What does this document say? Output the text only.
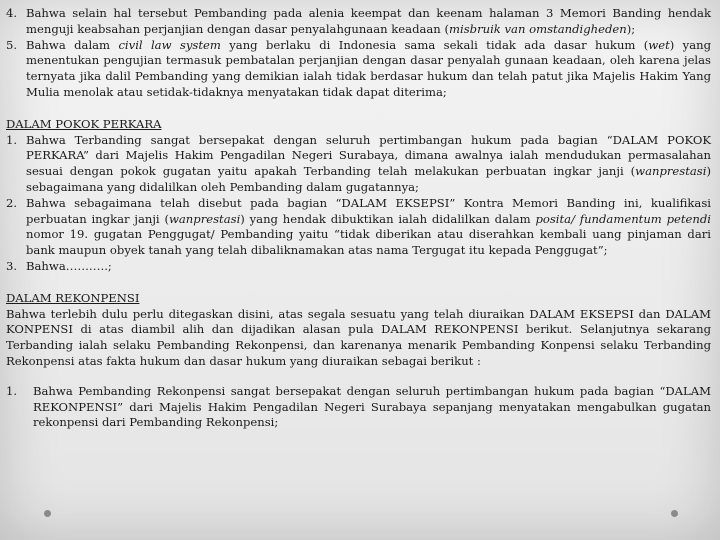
4. Bahwa selain hal tersebut Pembanding pada alenia keempat dan keenam halaman 3 Memori Banding hendak menguji keabsahan perjanjian dengan dasar penyalahgunaan keadaan (misbruik van omstandigheden);
5. Bahwa dalam civil law system yang berlaku di Indonesia sama sekali tidak ada dasar hukum (wet) yang menentukan pengujian termasuk pembatalan perjanjian dengan dasar penyalah gunaan keadaan, oleh karena jelas ternyata jika dalil Pembanding yang demikian ialah tidak berdasar hukum dan telah patut jika Majelis Hakim Yang Mulia menolak atau setidak-tidaknya menyatakan tidak dapat diterima;

DALAM POKOK PERKARA

1. Bahwa Terbanding sangat bersepakat dengan seluruh pertimbangan hukum pada bagian “DALAM POKOK PERKARA” dari Majelis Hakim Pengadilan Negeri Surabaya, dimana awalnya ialah mendudukan permasalahan sesuai dengan pokok gugatan yaitu apakah Terbanding telah melakukan perbuatan ingkar janji (wanprestasi) sebagaimana yang didalilkan oleh Pembanding dalam gugatannya;
2. Bahwa sebagaimana telah disebut pada bagian “DALAM EKSEPSI” Kontra Memori Banding ini, kualifikasi perbuatan ingkar janji (wanprestasi) yang hendak dibuktikan ialah didalilkan dalam posita/ fundamentum petendi nomor 19. gugatan Penggugat/ Pembanding yaitu “tidak diberikan atau diserahkan kembali uang pinjaman dari bank maupun obyek tanah yang telah dibaliknamakan atas nama Tergugat itu kepada Penggugat”;
3. Bahwa………..;

DALAM REKONPENSI

Bahwa terlebih dulu perlu ditegaskan disini, atas segala sesuatu yang telah diuraikan DALAM EKSEPSI dan DALAM KONPENSI di atas diambil alih dan dijadikan alasan pula DALAM REKONPENSI berikut. Selanjutnya sekarang Terbanding ialah selaku Pembanding Rekonpensi, dan karenanya menarik Pembanding Konpensi selaku Terbanding Rekonpensi atas fakta hukum dan dasar hukum yang diuraikan sebagai berikut :

1.	Bahwa Pembanding Rekonpensi sangat bersepakat dengan seluruh pertimbangan hukum pada bagian “DALAM REKONPENSI” dari Majelis Hakim Pengadilan Negeri Surabaya sepanjang menyatakan mengabulkan gugatan rekonpensi dari Pembanding Rekonpensi;
